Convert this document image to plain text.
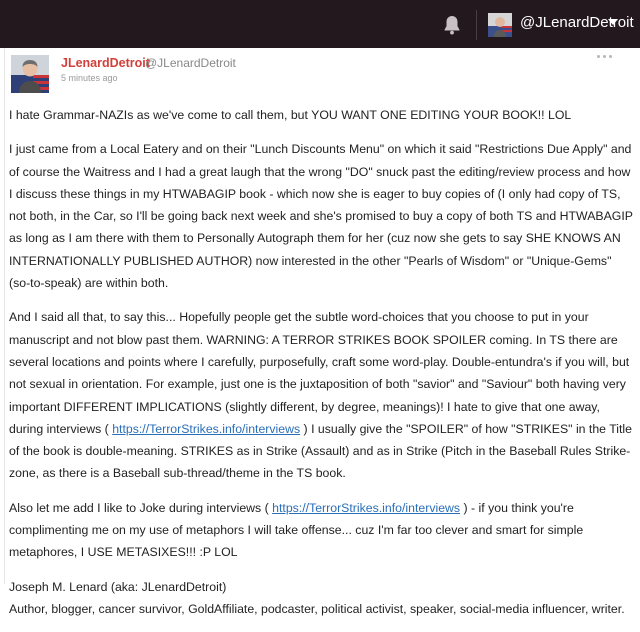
@JLenardDetroit
JLenardDetroit
@JLenardDetroit
5 minutes ago

I hate Grammar-NAZIs as we've come to call them, but YOU WANT ONE EDITING YOUR BOOK!! LOL

I just came from a Local Eatery and on their "Lunch Discounts Menu" on which it said "Restrictions Due Apply" and of course the Waitress and I had a great laugh that the wrong "DO" snuck past the editing/review process and how I discuss these things in my HTWABAGIP book - which now she is eager to buy copies of (I only had copy of TS, not both, in the Car, so I'll be going back next week and she's promised to buy a copy of both TS and HTWABAGIP as long as I am there with them to Personally Autograph them for her (cuz now she gets to say SHE KNOWS AN INTERNATIONALLY PUBLISHED AUTHOR) now interested in the other "Pearls of Wisdom" or "Unique-Gems" (so-to-speak) are within both.

And I said all that, to say this... Hopefully people get the subtle word-choices that you choose to put in your manuscript and not blow past them. WARNING: A TERROR STRIKES BOOK SPOILER coming. In TS there are several locations and points where I carefully, purposefully, craft some word-play. Double-entundra's if you will, but not sexual in orientation. For example, just one is the juxtaposition of both "savior" and "Saviour" both having very important DIFFERENT IMPLICATIONS (slightly different, by degree, meanings)! I hate to give that one away, during interviews ( https://TerrorStrikes.info/interviews ) I usually give the "SPOILER" of how "STRIKES" in the Title of the book is double-meaning. STRIKES as in Strike (Assault) and as in Strike (Pitch in the Baseball Rules Strike-zone, as there is a Baseball sub-thread/theme in the TS book.

Also let me add I like to Joke during interviews ( https://TerrorStrikes.info/interviews ) - if you think you're complimenting me on my use of metaphors I will take offense... cuz I'm far too clever and smart for simple metaphores, I USE METASIXES!!! :P LOL

Joseph M. Lenard (aka: JLenardDetroit)
Author, blogger, cancer survivor, GoldAffiliate, podcaster, political activist, speaker, social-media influencer, writer.
